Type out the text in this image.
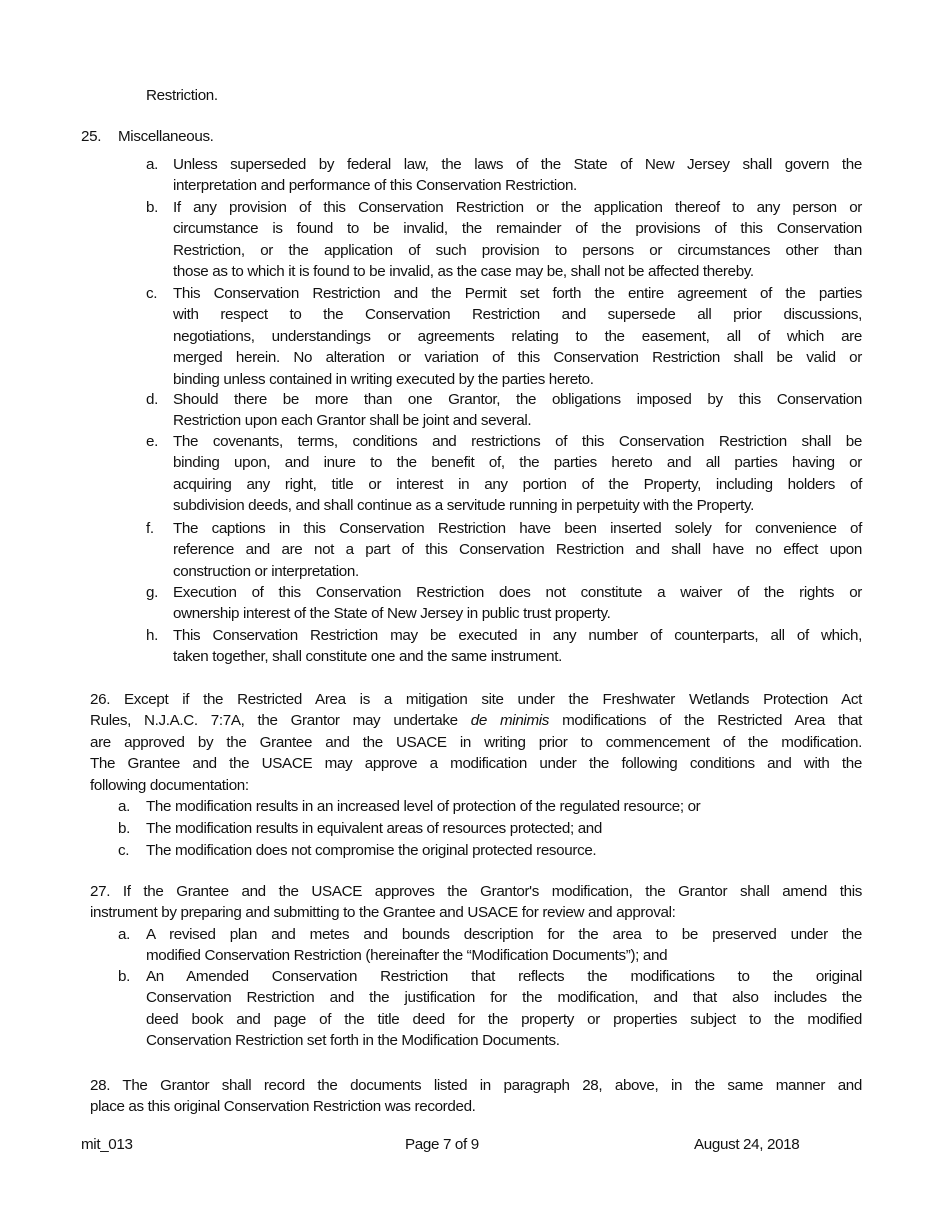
Restriction.
25. Miscellaneous.
a. Unless superseded by federal law, the laws of the State of New Jersey shall govern the
interpretation and performance of this Conservation Restriction.
b. If any provision of this Conservation Restriction or the application thereof to any person or
circumstance is found to be invalid, the remainder of the provisions of this Conservation
Restriction, or the application of such provision to persons or circumstances other than
those as to which it is found to be invalid, as the case may be, shall not be affected thereby.
c. This Conservation Restriction and the Permit set forth the entire agreement of the parties
with respect to the Conservation Restriction and supersede all prior discussions,
negotiations, understandings or agreements relating to the easement, all of which are
merged herein. No alteration or variation of this Conservation Restriction shall be valid or
binding unless contained in writing executed by the parties hereto.
d. Should there be more than one Grantor, the obligations imposed by this Conservation
Restriction upon each Grantor shall be joint and several.
e. The covenants, terms, conditions and restrictions of this Conservation Restriction shall be
binding upon, and inure to the benefit of, the parties hereto and all parties having or
acquiring any right, title or interest in any portion of the Property, including holders of
subdivision deeds, and shall continue as a servitude running in perpetuity with the Property.
f. The captions in this Conservation Restriction have been inserted solely for convenience of
reference and are not a part of this Conservation Restriction and shall have no effect upon
construction or interpretation.
g. Execution of this Conservation Restriction does not constitute a waiver of the rights or
ownership interest of the State of New Jersey in public trust property.
h. This Conservation Restriction may be executed in any number of counterparts, all of which,
taken together, shall constitute one and the same instrument.

26. Except if the Restricted Area is a mitigation site under the Freshwater Wetlands Protection Act

Rules, N.J.A.C. 7:7A, the Grantor may undertake de minimis modifications of the Restricted Area that

are approved by the Grantee and the USACE in writing prior to commencement of the modification.

The Grantee and the USACE may approve a modification under the following conditions and with the

following documentation:

a. The modification results in an increased level of protection of the regulated resource; or
b. The modification results in equivalent areas of resources protected; and
c. The modification does not compromise the original protected resource.

27. If the Grantee and the USACE approves the Grantor's modification, the Grantor shall amend this

instrument by preparing and submitting to the Grantee and USACE for review and approval:

a. A revised plan and metes and bounds description for the area to be preserved under the
modified Conservation Restriction (hereinafter the “Modification Documents”); and
b. An Amended Conservation Restriction that reflects the modifications to the original
Conservation Restriction and the justification for the modification, and that also includes the
deed book and page of the title deed for the property or properties subject to the modified
Conservation Restriction set forth in the Modification Documents.

28. The Grantor shall record the documents listed in paragraph 28, above, in the same manner and

place as this original Conservation Restriction was recorded.

mit_013	Page 7 of 9	August 24, 2018
